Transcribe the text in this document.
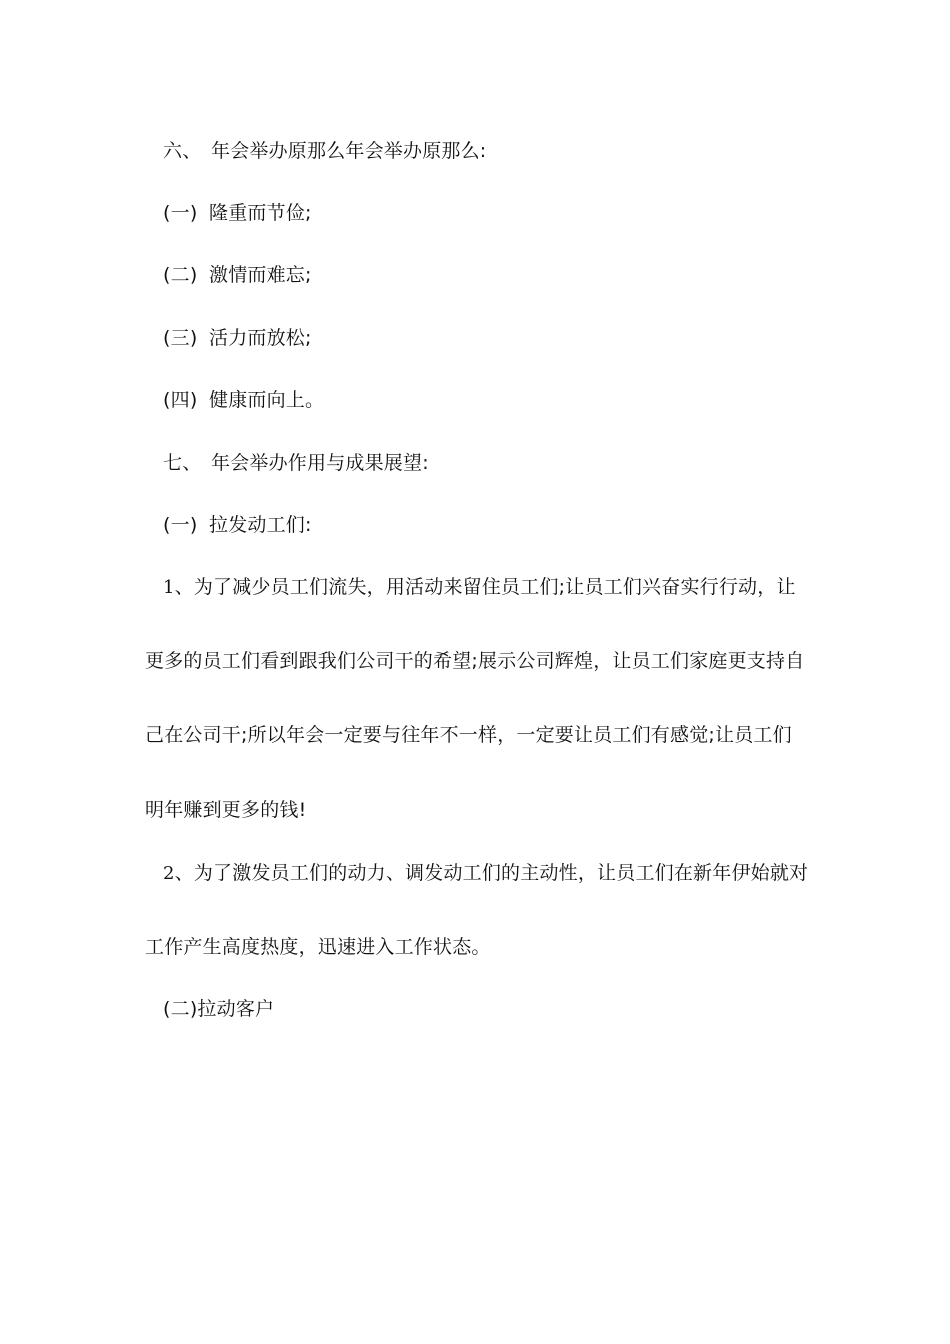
六、 年会举办原那么年会举办原那么:
(一) 隆重而节俭;
(二) 激情而难忘;
(三) 活力而放松;
(四) 健康而向上。
七、 年会举办作用与成果展望:
(一) 拉发动工们:
1、为了减少员工们流失，用活动来留住员工们;让员工们兴奋实行行动，让
更多的员工们看到跟我们公司干的希望;展示公司辉煌，让员工们家庭更支持自
己在公司干;所以年会一定要与往年不一样，一定要让员工们有感觉;让员工们
明年赚到更多的钱!
2、为了激发员工们的动力、调发动工们的主动性，让员工们在新年伊始就对
工作产生高度热度，迅速进入工作状态。
(二)拉动客户
